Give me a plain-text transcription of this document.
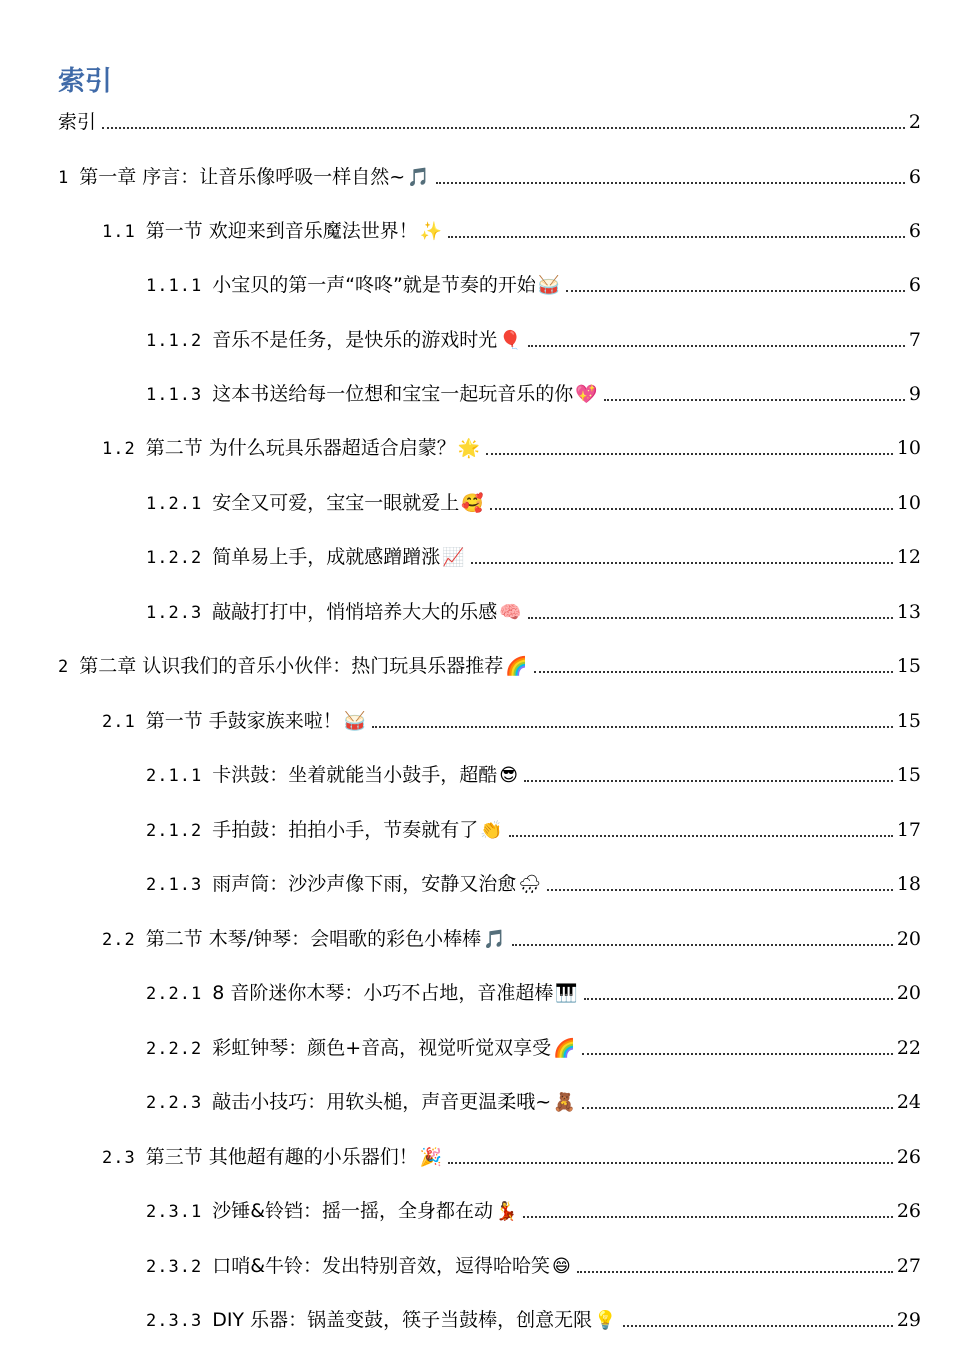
索引
索引	2
1 第一章 序言：让音乐像呼吸一样自然~ 🎵	6
1.1 第一节 欢迎来到音乐魔法世界！ ✨	6
1.1.1 小宝贝的第一声“咚咚”就是节奏的开始 🥁	6
1.1.2 音乐不是任务，是快乐的游戏时光 🎈	7
1.1.3 这本书送给每一位想和宝宝一起玩音乐的你 💖	9
1.2 第二节 为什么玩具乐器超适合启蒙？ 🌟	10
1.2.1 安全又可爱，宝宝一眼就爱上 🥰	10
1.2.2 简单易上手，成就感蹭蹭涨 📈	12
1.2.3 敲敲打打中，悄悄培养大大的乐感 🧠	13
2 第二章 认识我们的音乐小伙伴：热门玩具乐器推荐 🌈	15
2.1 第一节 手鼓家族来啦！ 🥁	15
2.1.1 卡洪鼓：坐着就能当小鼓手，超酷 😎	15
2.1.2 手拍鼓：拍拍小手，节奏就有了 👏	17
2.1.3 雨声筒：沙沙声像下雨，安静又治愈 🌧	18
2.2 第二节 木琴/钟琴：会唱歌的彩色小棒棒 🎵	20
2.2.1 8 音阶迷你木琴：小巧不占地，音准超棒 🎹	20
2.2.2 彩虹钟琴：颜色+音高，视觉听觉双享受 🌈	22
2.2.3 敲击小技巧：用软头槌，声音更温柔哦~ 🧸	24
2.3 第三节 其他超有趣的小乐器们！ 🎉	26
2.3.1 沙锤&铃铛：摇一摇，全身都在动 💃	26
2.3.2 口哨&牛铃：发出特别音效，逗得哈哈笑 😄	27
2.3.3 DIY 乐器：锅盖变鼓，筷子当鼓棒，创意无限 💡	29
